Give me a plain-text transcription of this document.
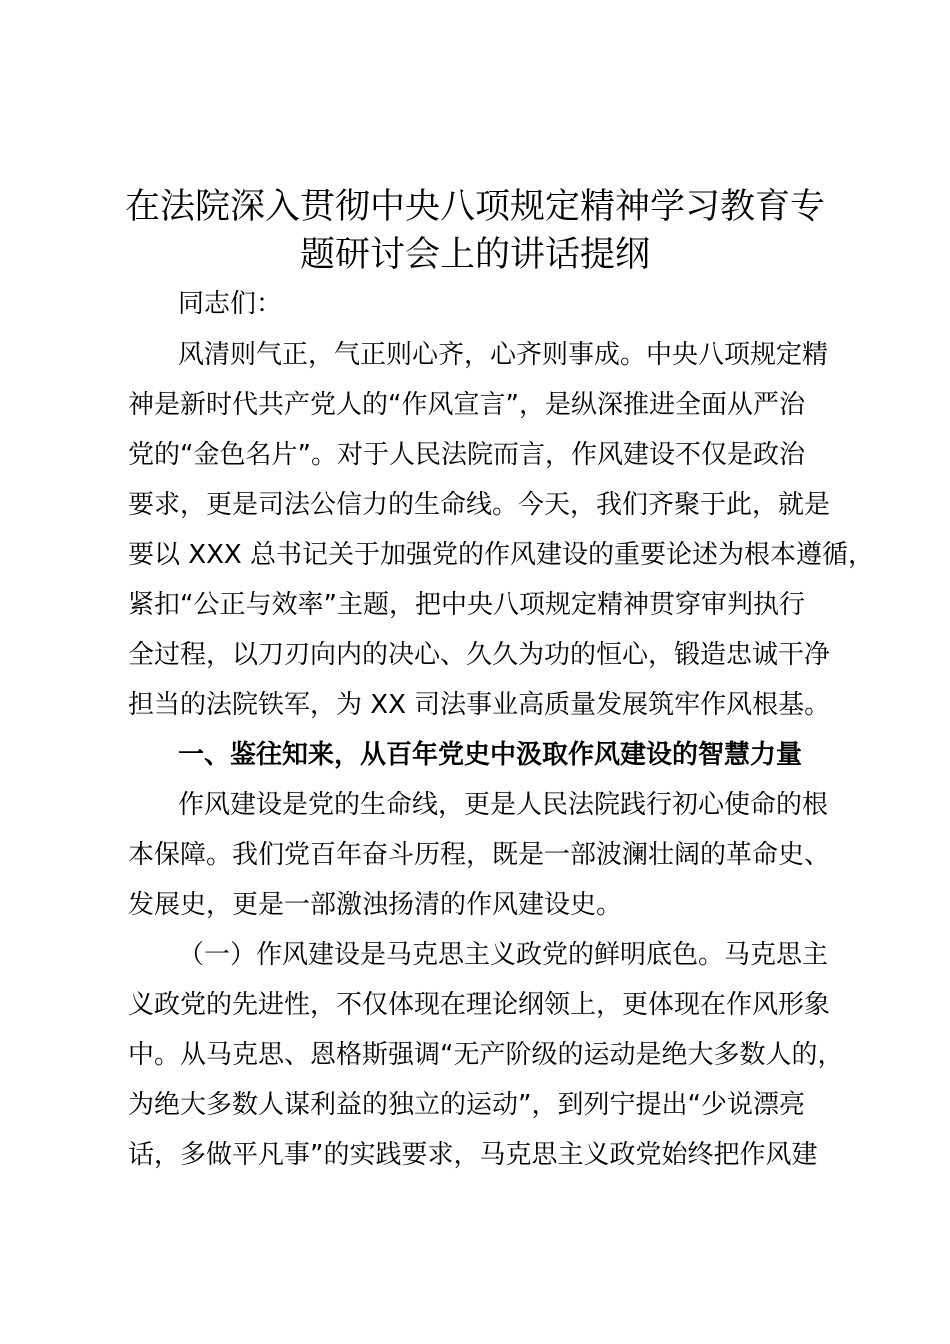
在法院深入贯彻中央八项规定精神学习教育专
题研讨会上的讲话提纲
同志们：
风清则气正，气正则心齐，心齐则事成。中央八项规定精
神是新时代共产党人的“作风宣言”，是纵深推进全面从严治
党的“金色名片”。对于人民法院而言，作风建设不仅是政治
要求，更是司法公信力的生命线。今天，我们齐聚于此，就是
要以 XXX 总书记关于加强党的作风建设的重要论述为根本遵循，
紧扣“公正与效率”主题，把中央八项规定精神贯穿审判执行
全过程，以刀刃向内的决心、久久为功的恒心，锻造忠诚干净
担当的法院铁军，为 XX 司法事业高质量发展筑牢作风根基。
一、鉴往知来，从百年党史中汲取作风建设的智慧力量
作风建设是党的生命线，更是人民法院践行初心使命的根
本保障。我们党百年奋斗历程，既是一部波澜壮阔的革命史、
发展史，更是一部激浊扬清的作风建设史。
（一）作风建设是马克思主义政党的鲜明底色。马克思主
义政党的先进性，不仅体现在理论纲领上，更体现在作风形象
中。从马克思、恩格斯强调“无产阶级的运动是绝大多数人的，
为绝大多数人谋利益的独立的运动”，到列宁提出“少说漂亮
话，多做平凡事”的实践要求，马克思主义政党始终把作风建
